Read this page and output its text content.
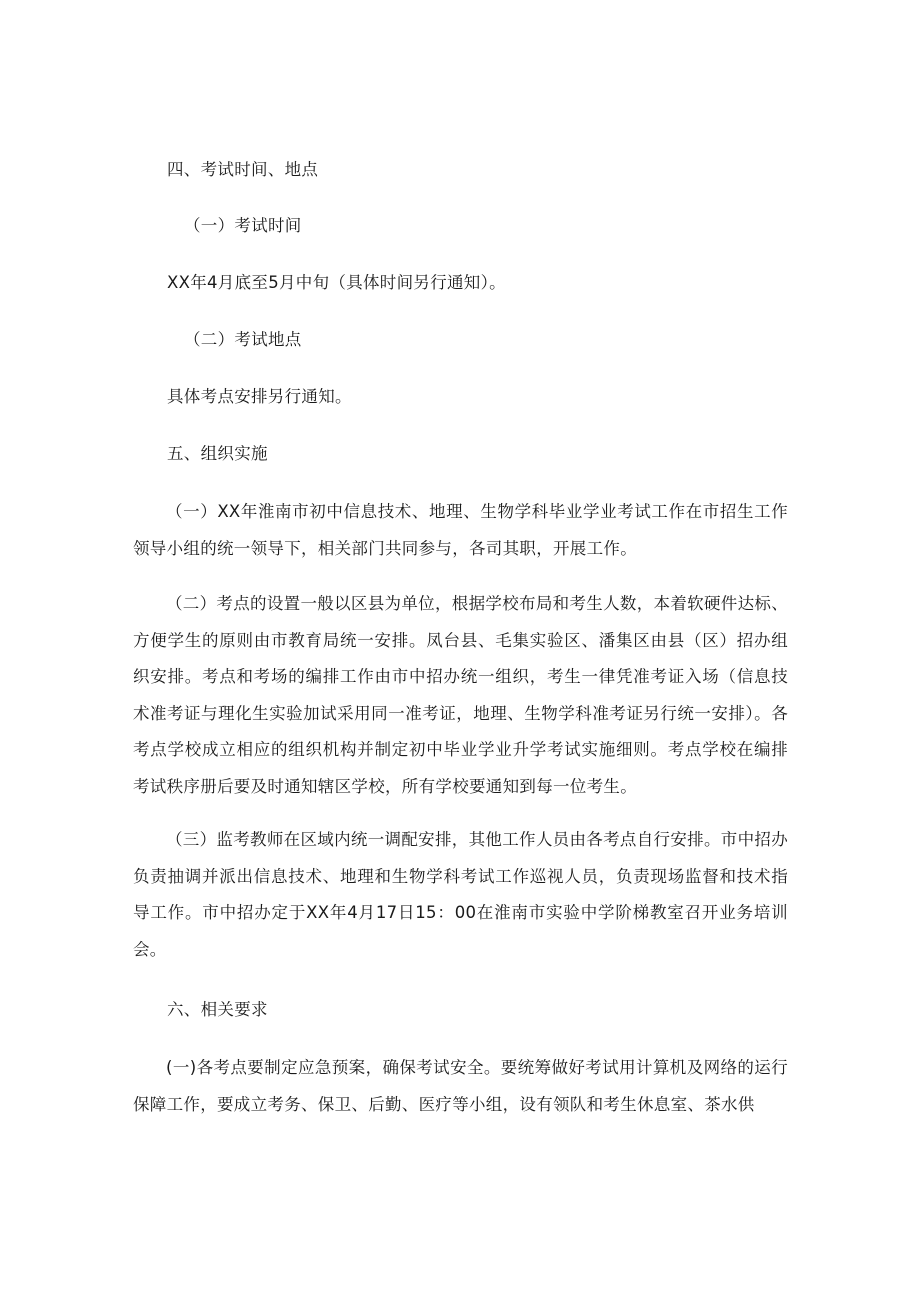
四、考试时间、地点
（一）考试时间
XX年4月底至5月中旬（具体时间另行通知）。
（二）考试地点
具体考点安排另行通知。
五、组织实施

（一）XX年淮南市初中信息技术、地理、生物学科毕业学业考试工作在市招生工作领导小组的统一领导下，相关部门共同参与，各司其职，开展工作。

（二）考点的设置一般以区县为单位，根据学校布局和考生人数，本着软硬件达标、方便学生的原则由市教育局统一安排。凤台县、毛集实验区、潘集区由县（区）招办组织安排。考点和考场的编排工作由市中招办统一组织，考生一律凭准考证入场（信息技术准考证与理化生实验加试采用同一准考证，地理、生物学科准考证另行统一安排）。各考点学校成立相应的组织机构并制定初中毕业学业升学考试实施细则。考点学校在编排考试秩序册后要及时通知辖区学校，所有学校要通知到每一位考生。

（三）监考教师在区域内统一调配安排，其他工作人员由各考点自行安排。市中招办负责抽调并派出信息技术、地理和生物学科考试工作巡视人员，负责现场监督和技术指导工作。市中招办定于XX年4月17日15：00在淮南市实验中学阶梯教室召开业务培训会。

六、相关要求

(一)各考点要制定应急预案，确保考试安全。要统筹做好考试用计算机及网络的运行保障工作，要成立考务、保卫、后勤、医疗等小组，设有领队和考生休息室、茶水供
